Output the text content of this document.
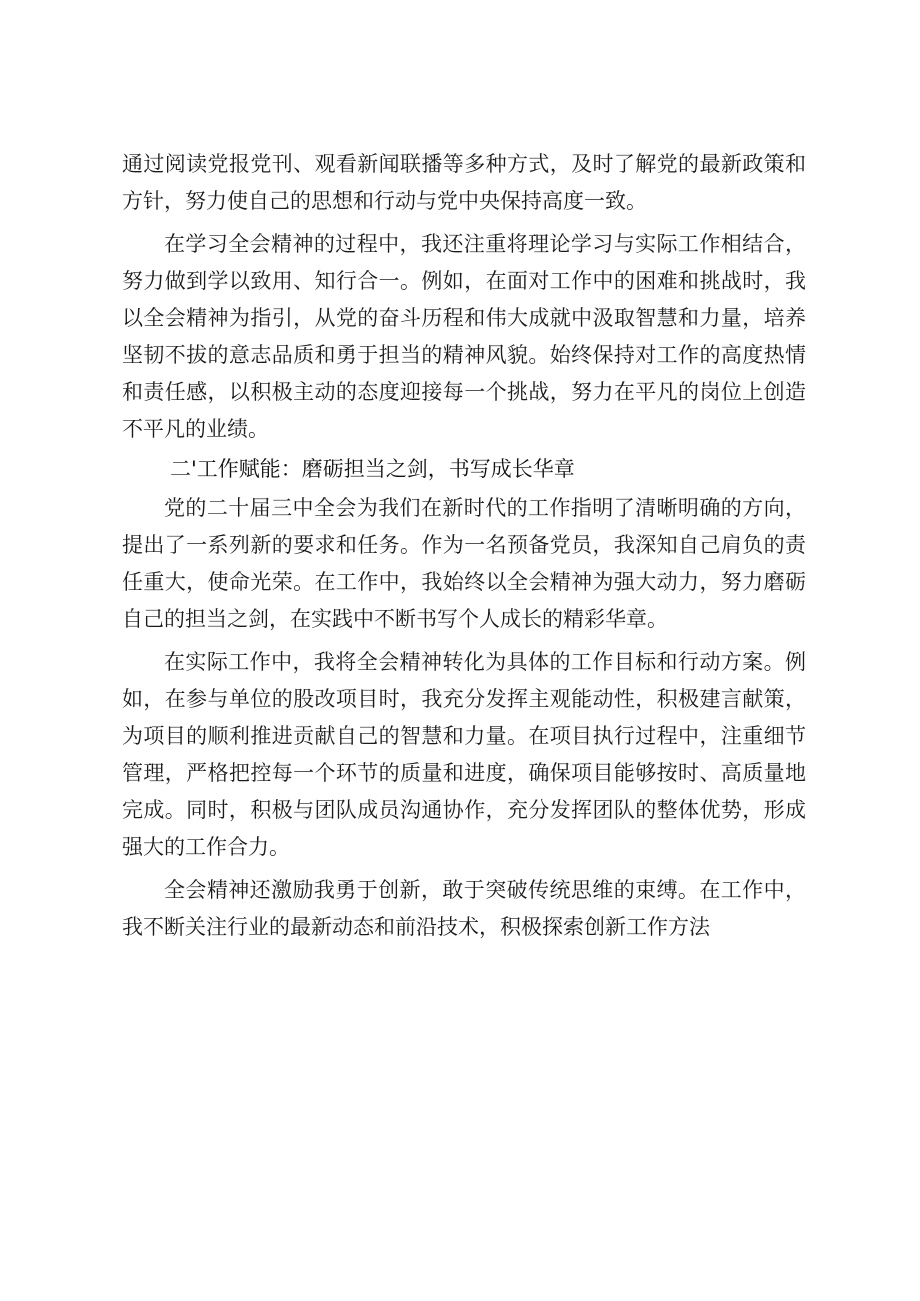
通过阅读党报党刊、观看新闻联播等多种方式，及时了解党的最新政策和方针，努力使自己的思想和行动与党中央保持高度一致。

在学习全会精神的过程中，我还注重将理论学习与实际工作相结合，努力做到学以致用、知行合一。例如，在面对工作中的困难和挑战时，我以全会精神为指引，从党的奋斗历程和伟大成就中汲取智慧和力量，培养坚韧不拔的意志品质和勇于担当的精神风貌。始终保持对工作的高度热情和责任感，以积极主动的态度迎接每一个挑战，努力在平凡的岗位上创造不平凡的业绩。

二'工作赋能：磨砺担当之剑，书写成长华章

党的二十届三中全会为我们在新时代的工作指明了清晰明确的方向，提出了一系列新的要求和任务。作为一名预备党员，我深知自己肩负的责任重大，使命光荣。在工作中，我始终以全会精神为强大动力，努力磨砺自己的担当之剑，在实践中不断书写个人成长的精彩华章。

在实际工作中，我将全会精神转化为具体的工作目标和行动方案。例如，在参与单位的股改项目时，我充分发挥主观能动性，积极建言献策，为项目的顺利推进贡献自己的智慧和力量。在项目执行过程中，注重细节管理，严格把控每一个环节的质量和进度，确保项目能够按时、高质量地完成。同时，积极与团队成员沟通协作，充分发挥团队的整体优势，形成强大的工作合力。

全会精神还激励我勇于创新，敢于突破传统思维的束缚。在工作中，我不断关注行业的最新动态和前沿技术，积极探索创新工作方法
